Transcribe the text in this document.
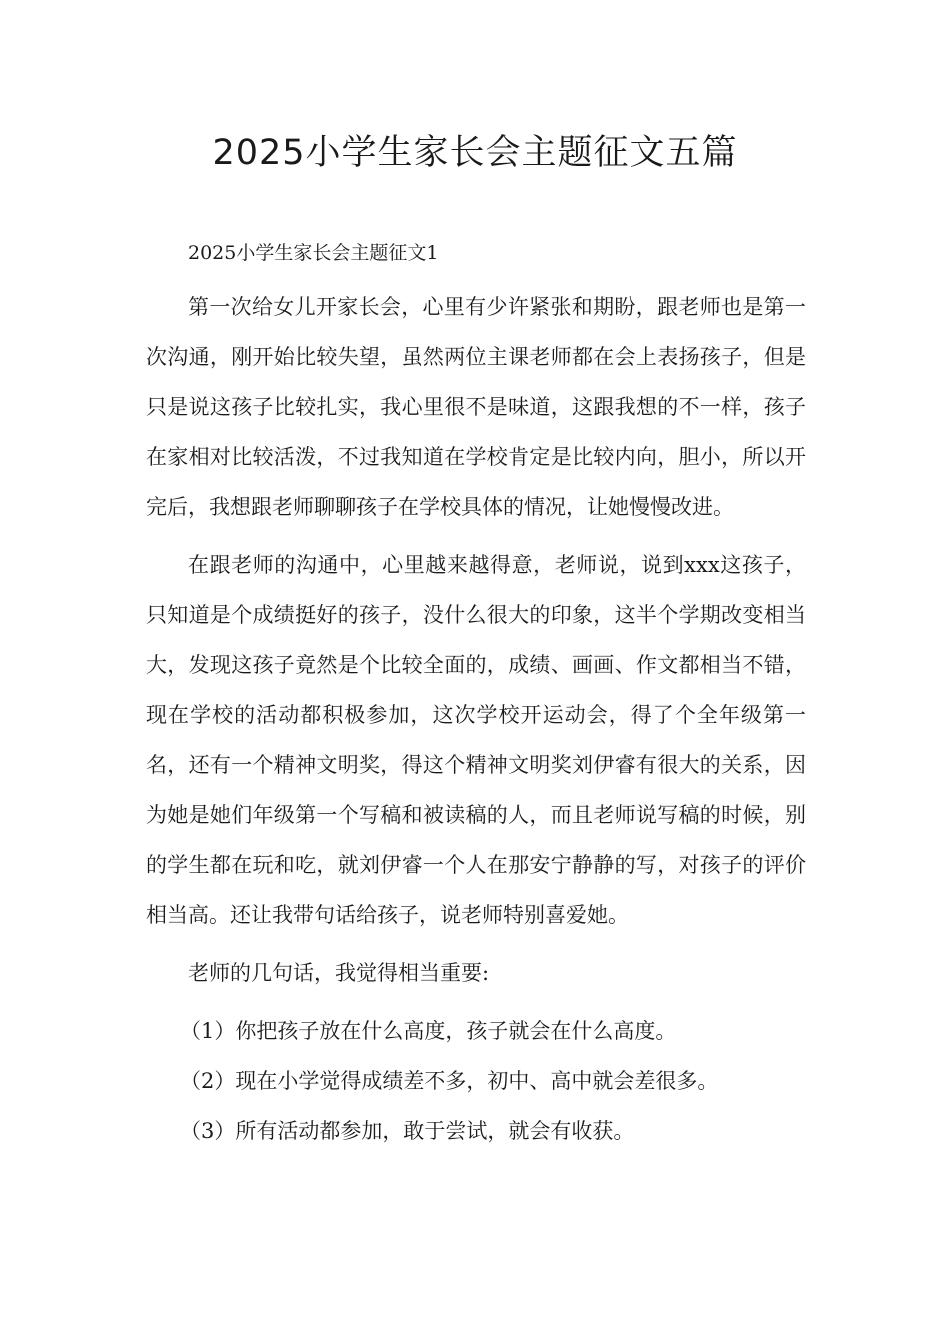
2025小学生家长会主题征文五篇

2025小学生家长会主题征文1

第一次给女儿开家长会，心里有少许紧张和期盼，跟老师也是第一次沟通，刚开始比较失望，虽然两位主课老师都在会上表扬孩子，但是只是说这孩子比较扎实，我心里很不是味道，这跟我想的不一样，孩子在家相对比较活泼，不过我知道在学校肯定是比较内向，胆小，所以开完后，我想跟老师聊聊孩子在学校具体的情况，让她慢慢改进。

在跟老师的沟通中，心里越来越得意，老师说，说到xxx这孩子，只知道是个成绩挺好的孩子，没什么很大的印象，这半个学期改变相当大，发现这孩子竟然是个比较全面的，成绩、画画、作文都相当不错，现在学校的活动都积极参加，这次学校开运动会，得了个全年级第一名，还有一个精神文明奖，得这个精神文明奖刘伊睿有很大的关系，因为她是她们年级第一个写稿和被读稿的人，而且老师说写稿的时候，别的学生都在玩和吃，就刘伊睿一个人在那安宁静静的写，对孩子的评价相当高。还让我带句话给孩子，说老师特别喜爱她。

老师的几句话，我觉得相当重要:

（1）你把孩子放在什么高度，孩子就会在什么高度。

（2）现在小学觉得成绩差不多，初中、高中就会差很多。

（3）所有活动都参加，敢于尝试，就会有收获。
